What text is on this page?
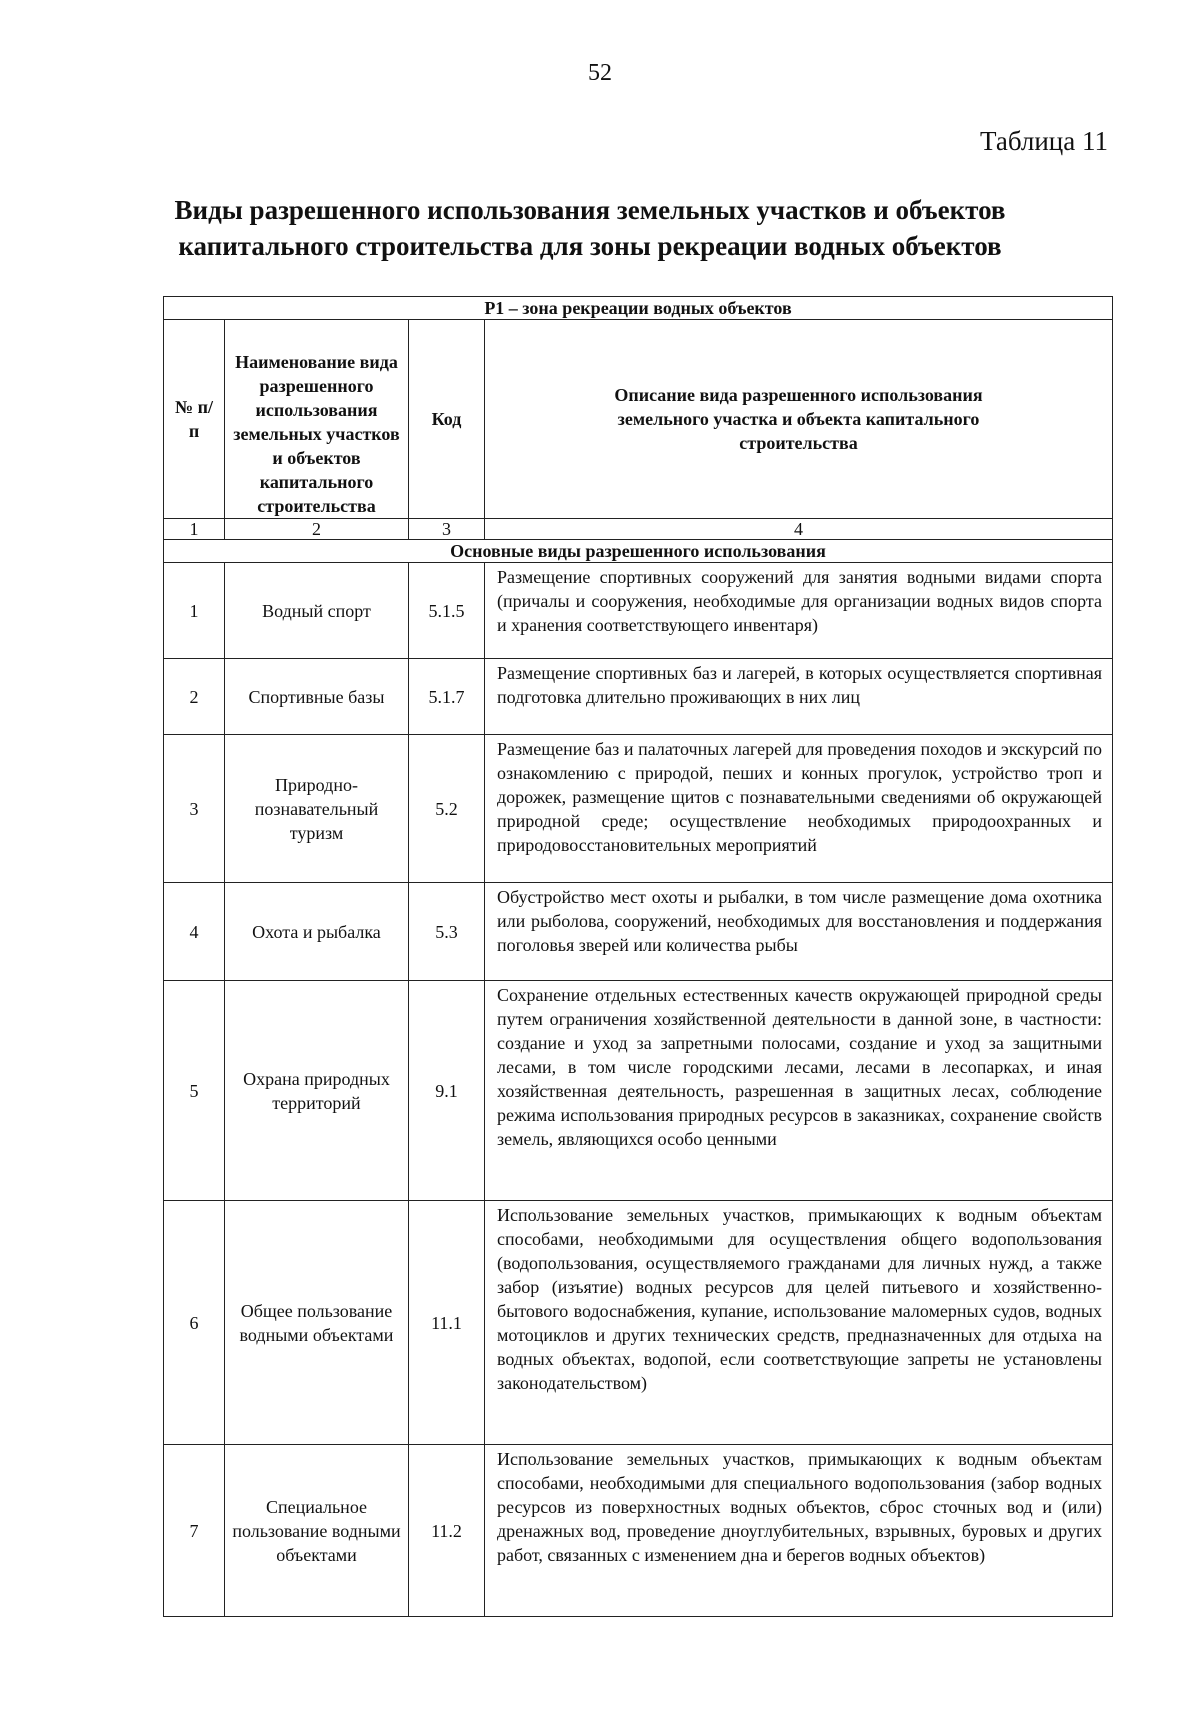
52
Таблица 11
Виды разрешенного использования земельных участков и объектов
капитального строительства для зоны рекреации водных объектов
Р1 – зона рекреации водных объектов			
№ п/п	Наименование вида разрешенного использования земельных участков и объектов капитального строительства	Код	Описание вида разрешенного использования земельного участка и объекта капитального строительства
1	2	3	4
Основные виды разрешенного использования			
1	Водный спорт	5.1.5	Размещение спортивных сооружений для занятия водными видами спорта (причалы и сооружения, необходимые для организации водных видов спорта и хранения соответствующего инвентаря)
2	Спортивные базы	5.1.7	Размещение спортивных баз и лагерей, в которых осуществляется спортивная подготовка длительно проживающих в них лиц
3	Природно-познавательный туризм	5.2	Размещение баз и палаточных лагерей для проведения походов и экскурсий по ознакомлению с природой, пеших и конных прогулок, устройство троп и дорожек, размещение щитов с познавательными сведениями об окружающей природной среде; осуществление необходимых природоохранных и природовосстановительных мероприятий
4	Охота и рыбалка	5.3	Обустройство мест охоты и рыбалки, в том числе размещение дома охотника или рыболова, сооружений, необходимых для восстановления и поддержания поголовья зверей или количества рыбы
5	Охрана природных территорий	9.1	Сохранение отдельных естественных качеств окружающей природной среды путем ограничения хозяйственной деятельности в данной зоне, в частности: создание и уход за запретными полосами, создание и уход за защитными лесами, в том числе городскими лесами, лесами в лесопарках, и иная хозяйственная деятельность, разрешенная в защитных лесах, соблюдение режима использования природных ресурсов в заказниках, сохранение свойств земель, являющихся особо ценными
6	Общее пользование водными объектами	11.1	Использование земельных участков, примыкающих к водным объектам способами, необходимыми для осуществления общего водопользования (водопользования, осуществляемого гражданами для личных нужд, а также забор (изъятие) водных ресурсов для целей питьевого и хозяйственно-бытового водоснабжения, купание, использование маломерных судов, водных мотоциклов и других технических средств, предназначенных для отдыха на водных объектах, водопой, если соответствующие запреты не установлены законодательством)
7	Специальное пользование водными объектами	11.2	Использование земельных участков, примыкающих к водным объектам способами, необходимыми для специального водопользования (забор водных ресурсов из поверхностных водных объектов, сброс сточных вод и (или) дренажных вод, проведение дноуглубительных, взрывных, буровых и других работ, связанных с изменением дна и берегов водных объектов)
